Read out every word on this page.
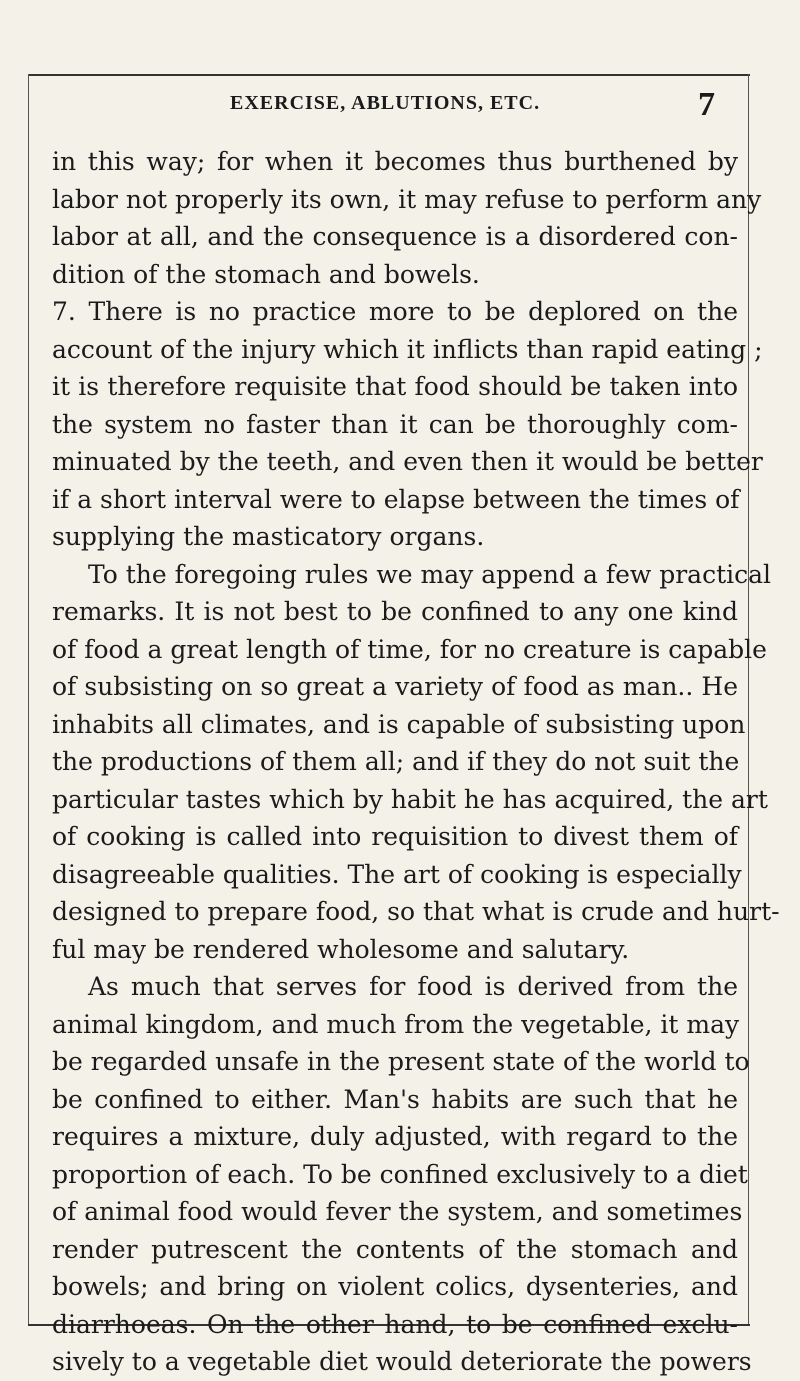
EXERCISE, ABLUTIONS, ETC.	7
in this way; for when it becomes thus burthened by
labor not properly its own, it may refuse to perform any
labor at all, and the consequence is a disordered con-
dition of the stomach and bowels.
7. There is no practice more to be deplored on the
account of the injury which it inflicts than rapid eating ;
it is therefore requisite that food should be taken into
the system no faster than it can be thoroughly com-
minuated by the teeth, and even then it would be better
if a short interval were to elapse between the times of
supplying the masticatory organs.
To the foregoing rules we may append a few practical
remarks. It is not best to be confined to any one kind
of food a great length of time, for no creature is capable
of subsisting on so great a variety of food as man.. He
inhabits all climates, and is capable of subsisting upon
the productions of them all; and if they do not suit the
particular tastes which by habit he has acquired, the art
of cooking is called into requisition to divest them of
disagreeable qualities. The art of cooking is especially
designed to prepare food, so that what is crude and hurt-
ful may be rendered wholesome and salutary.
As much that serves for food is derived from the
animal kingdom, and much from the vegetable, it may
be regarded unsafe in the present state of the world to
be confined to either. Man's habits are such that he
requires a mixture, duly adjusted, with regard to the
proportion of each. To be confined exclusively to a diet
of animal food would fever the system, and sometimes
render putrescent the contents of the stomach and
bowels; and bring on violent colics, dysenteries, and
diarrhoeas. On the other hand, to be confined exclu-
sively to a vegetable diet would deteriorate the powers
